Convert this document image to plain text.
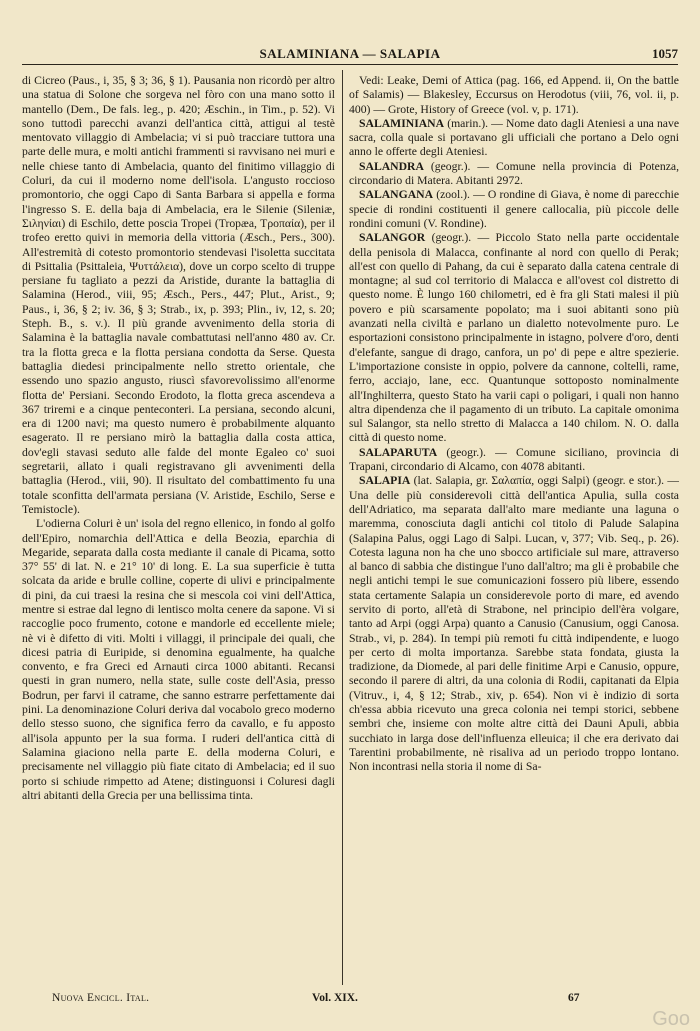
SALAMINIANA — SALAPIA	1057

di Cicreo (Paus., i, 35, § 3; 36, § 1). Pausania non ricordò per altro una statua di Solone che sorgeva nel fòro con una mano sotto il mantello (Dem., De fals. leg., p. 420; Æschin., in Tim., p. 52). Vi sono tuttodì parecchi avanzi dell'antica città, attigui al testè mentovato villaggio di Ambelacia; vi si può tracciare tuttora una parte delle mura, e molti antichi frammenti si ravvisano nei muri e nelle chiese tanto di Ambelacia, quanto del finitimo villaggio di Coluri, da cui il moderno nome dell'isola. L'angusto roccioso promontorio, che oggi Capo di Santa Barbara si appella e forma l'ingresso S. E. della baja di Ambelacia, era le Silenie (Sileniæ, Σιληνίαι) di Eschilo, dette poscia Tropei (Tropæa, Τροπαία), per il trofeo eretto quivi in memoria della vittoria (Æsch., Pers., 300). All'estremità di cotesto promontorio stendevasi l'isoletta succitata di Psittalia (Psittaleia, Ψυττάλεια), dove un corpo scelto di truppe persiane fu tagliato a pezzi da Aristide, durante la battaglia di Salamina (Herod., viii, 95; Æsch., Pers., 447; Plut., Arist., 9; Paus., i, 36, § 2; iv. 36, § 3; Strab., ix, p. 393; Plin., iv, 12, s. 20; Steph. B., s. v.). Il più grande avvenimento della storia di Salamina è la battaglia navale combattutasi nell'anno 480 av. Cr. tra la flotta greca e la flotta persiana condotta da Serse. Questa battaglia diedesi principalmente nello stretto orientale, che essendo uno spazio angusto, riuscì sfavorevolissimo all'enorme flotta de' Persiani. Secondo Erodoto, la flotta greca ascendeva a 367 triremi e a cinque penteconteri. La persiana, secondo alcuni, era di 1200 navi; ma questo numero è probabilmente alquanto esagerato. Il re persiano mirò la battaglia dalla costa attica, dov'egli stavasi seduto alle falde del monte Egaleo co' suoi segretarii, allato i quali registravano gli avvenimenti della battaglia (Herod., viii, 90). Il risultato del combattimento fu una totale sconfitta dell'armata persiana (V. Aristide, Eschilo, Serse e Temistocle).

L'odierna Coluri è un' isola del regno ellenico, in fondo al golfo dell'Epiro, nomarchia dell'Attica e della Beozia, eparchia di Megaride, separata dalla costa mediante il canale di Picama, sotto 37° 55' di lat. N. e 21° 10' di long. E. La sua superficie è tutta solcata da aride e brulle colline, coperte di ulivi e principalmente di pini, da cui traesi la resina che si mescola coi vini dell'Attica, mentre si estrae dal legno di lentisco molta cenere da sapone. Vi si raccoglie poco frumento, cotone e mandorle ed eccellente miele; nè vi è difetto di viti. Molti i villaggi, il principale dei quali, che dicesi patria di Euripide, si denomina egualmente, ha qualche convento, e fra Greci ed Arnauti circa 1000 abitanti. Recansi questi in gran numero, nella state, sulle coste dell'Asia, presso Bodrun, per farvi il catrame, che sanno estrarre perfettamente dai pini. La denominazione Coluri deriva dal vocabolo greco moderno dello stesso suono, che significa ferro da cavallo, e fu apposto all'isola appunto per la sua forma. I ruderi dell'antica città di Salamina giaciono nella parte E. della moderna Coluri, e precisamente nel villaggio più fiate citato di Ambelacia; ed il suo porto si schiude rimpetto ad Atene; distinguonsi i Coluresi dagli altri abitanti della Grecia per una bellissima tinta.

Vedi: Leake, Demi of Attica (pag. 166, ed Append. ii, On the battle of Salamis) — Blakesley, Eccursus on Herodotus (viii, 76, vol. ii, p. 400) — Grote, History of Greece (vol. v, p. 171).

SALAMINIANA (marin.). — Nome dato dagli Ateniesi a una nave sacra, colla quale si portavano gli ufficiali che portano a Delo ogni anno le offerte degli Ateniesi.

SALANDRA (geogr.). — Comune nella provincia di Potenza, circondario di Matera. Abitanti 2972.

SALANGANA (zool.). — O rondine di Giava, è nome di parecchie specie di rondini costituenti il genere callocalia, più piccole delle rondini comuni (V. Rondine).

SALANGOR (geogr.). — Piccolo Stato nella parte occidentale della penisola di Malacca, confinante al nord con quello di Perak; all'est con quello di Pahang, da cui è separato dalla catena centrale di montagne; al sud col territorio di Malacca e all'ovest col distretto di questo nome. È lungo 160 chilometri, ed è fra gli Stati malesi il più povero e più scarsamente popolato; ma i suoi abitanti sono più avanzati nella civiltà e parlano un dialetto notevolmente puro. Le esportazioni consistono principalmente in istagno, polvere d'oro, denti d'elefante, sangue di drago, canfora, un po' di pepe e altre spezierie. L'importazione consiste in oppio, polvere da cannone, coltelli, rame, ferro, acciajo, lane, ecc. Quantunque sottoposto nominalmente all'Inghilterra, questo Stato ha varii capi o poligari, i quali non hanno altra dipendenza che il pagamento di un tributo. La capitale omonima sul Salangor, sta nello stretto di Malacca a 140 chilom. N. O. dalla città di questo nome.

SALAPARUTA (geogr.). — Comune siciliano, provincia di Trapani, circondario di Alcamo, con 4078 abitanti.

SALAPIA (lat. Salapia, gr. Σαλαπία, oggi Salpi) (geogr. e stor.). — Una delle più considerevoli città dell'antica Apulia, sulla costa dell'Adriatico, ma separata dall'alto mare mediante una laguna o maremma, conosciuta dagli antichi col titolo di Palude Salapina (Salapina Palus, oggi Lago di Salpi. Lucan, v, 377; Vib. Seq., p. 26). Cotesta laguna non ha che uno sbocco artificiale sul mare, attraverso al banco di sabbia che distingue l'uno dall'altro; ma gli è probabile che negli antichi tempi le sue comunicazioni fossero più libere, essendo stata certamente Salapia un considerevole porto di mare, ed avendo servito di porto, all'età di Strabone, nel principio dell'èra volgare, tanto ad Arpi (oggi Arpa) quanto a Canusio (Canusium, oggi Canosa. Strab., vi, p. 284). In tempi più remoti fu città indipendente, e luogo per certo di molta importanza. Sarebbe stata fondata, giusta la tradizione, da Diomede, al pari delle finitime Arpi e Canusio, oppure, secondo il parere di altri, da una colonia di Rodii, capitanati da Elpia (Vitruv., i, 4, § 12; Strab., xiv, p. 654). Non vi è indizio di sorta ch'essa abbia ricevuto una greca colonia nei tempi storici, sebbene sembri che, insieme con molte altre città dei Dauni Apuli, abbia succhiato in larga dose dell'influenza elleuica; il che era derivato dai Tarentini probabilmente, nè risaliva ad un periodo troppo lontano. Non incontrasi nella storia il nome di Sa-

Nuova Encicl. Ital.	Vol. XIX.	67
Goo
